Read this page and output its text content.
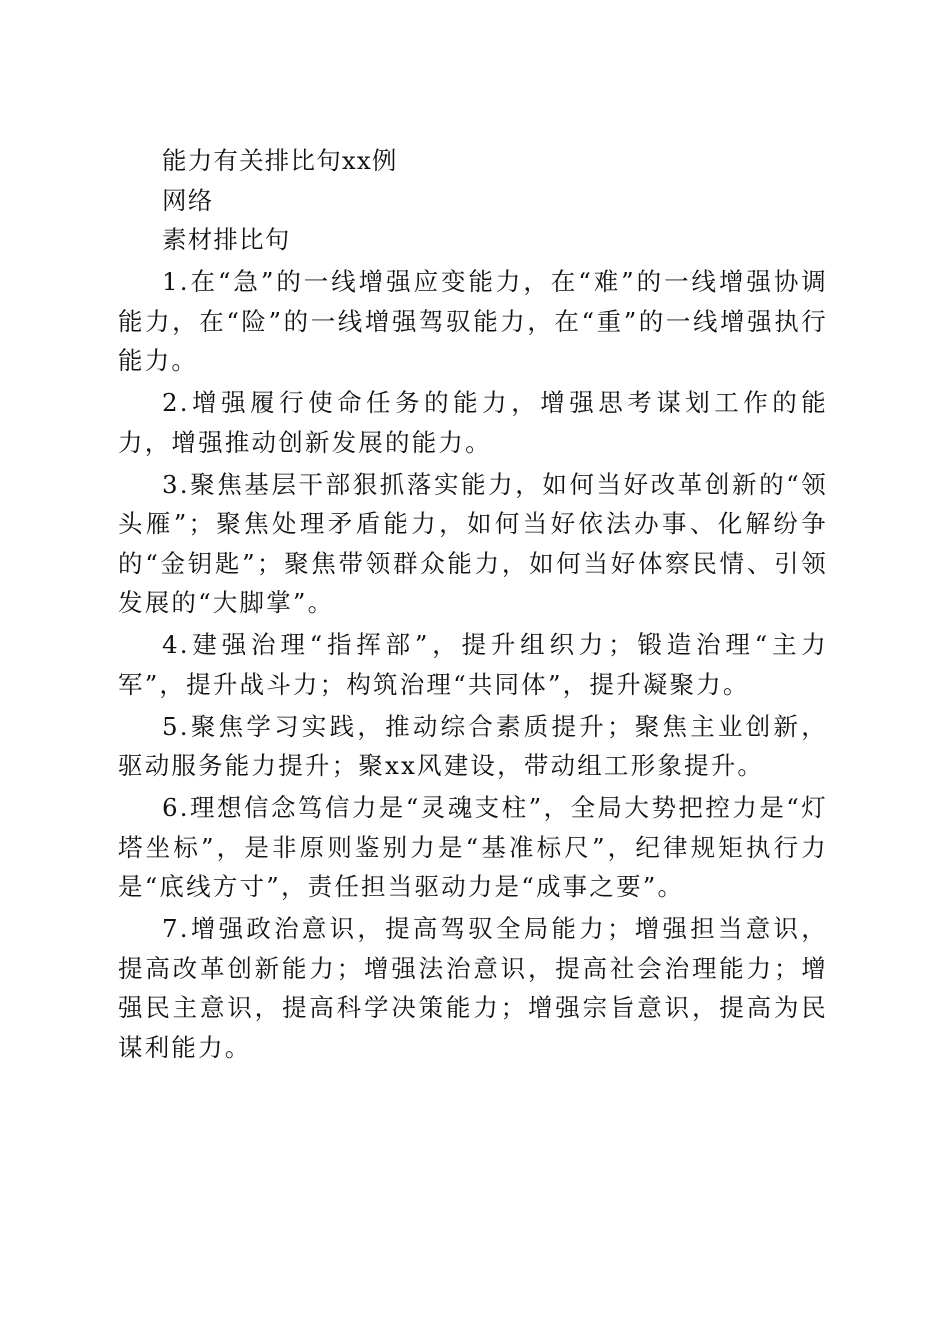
能力有关排比句xx例

网络

素材排比句

1.在“急”的一线增强应变能力，在“难”的一线增强协调能力，在“险”的一线增强驾驭能力，在“重”的一线增强执行能力。

2.增强履行使命任务的能力，增强思考谋划工作的能力，增强推动创新发展的能力。

3.聚焦基层干部狠抓落实能力，如何当好改革创新的“领头雁”；聚焦处理矛盾能力，如何当好依法办事、化解纷争的“金钥匙”；聚焦带领群众能力，如何当好体察民情、引领发展的“大脚掌”。

4.建强治理“指挥部”，提升组织力；锻造治理“主力军”，提升战斗力；构筑治理“共同体”，提升凝聚力。

5.聚焦学习实践，推动综合素质提升；聚焦主业创新，驱动服务能力提升；聚xx风建设，带动组工形象提升。

6.理想信念笃信力是“灵魂支柱”，全局大势把控力是“灯塔坐标”，是非原则鉴别力是“基准标尺”，纪律规矩执行力是“底线方寸”，责任担当驱动力是“成事之要”。

7.增强政治意识，提高驾驭全局能力；增强担当意识，提高改革创新能力；增强法治意识，提高社会治理能力；增强民主意识，提高科学决策能力；增强宗旨意识，提高为民谋利能力。
